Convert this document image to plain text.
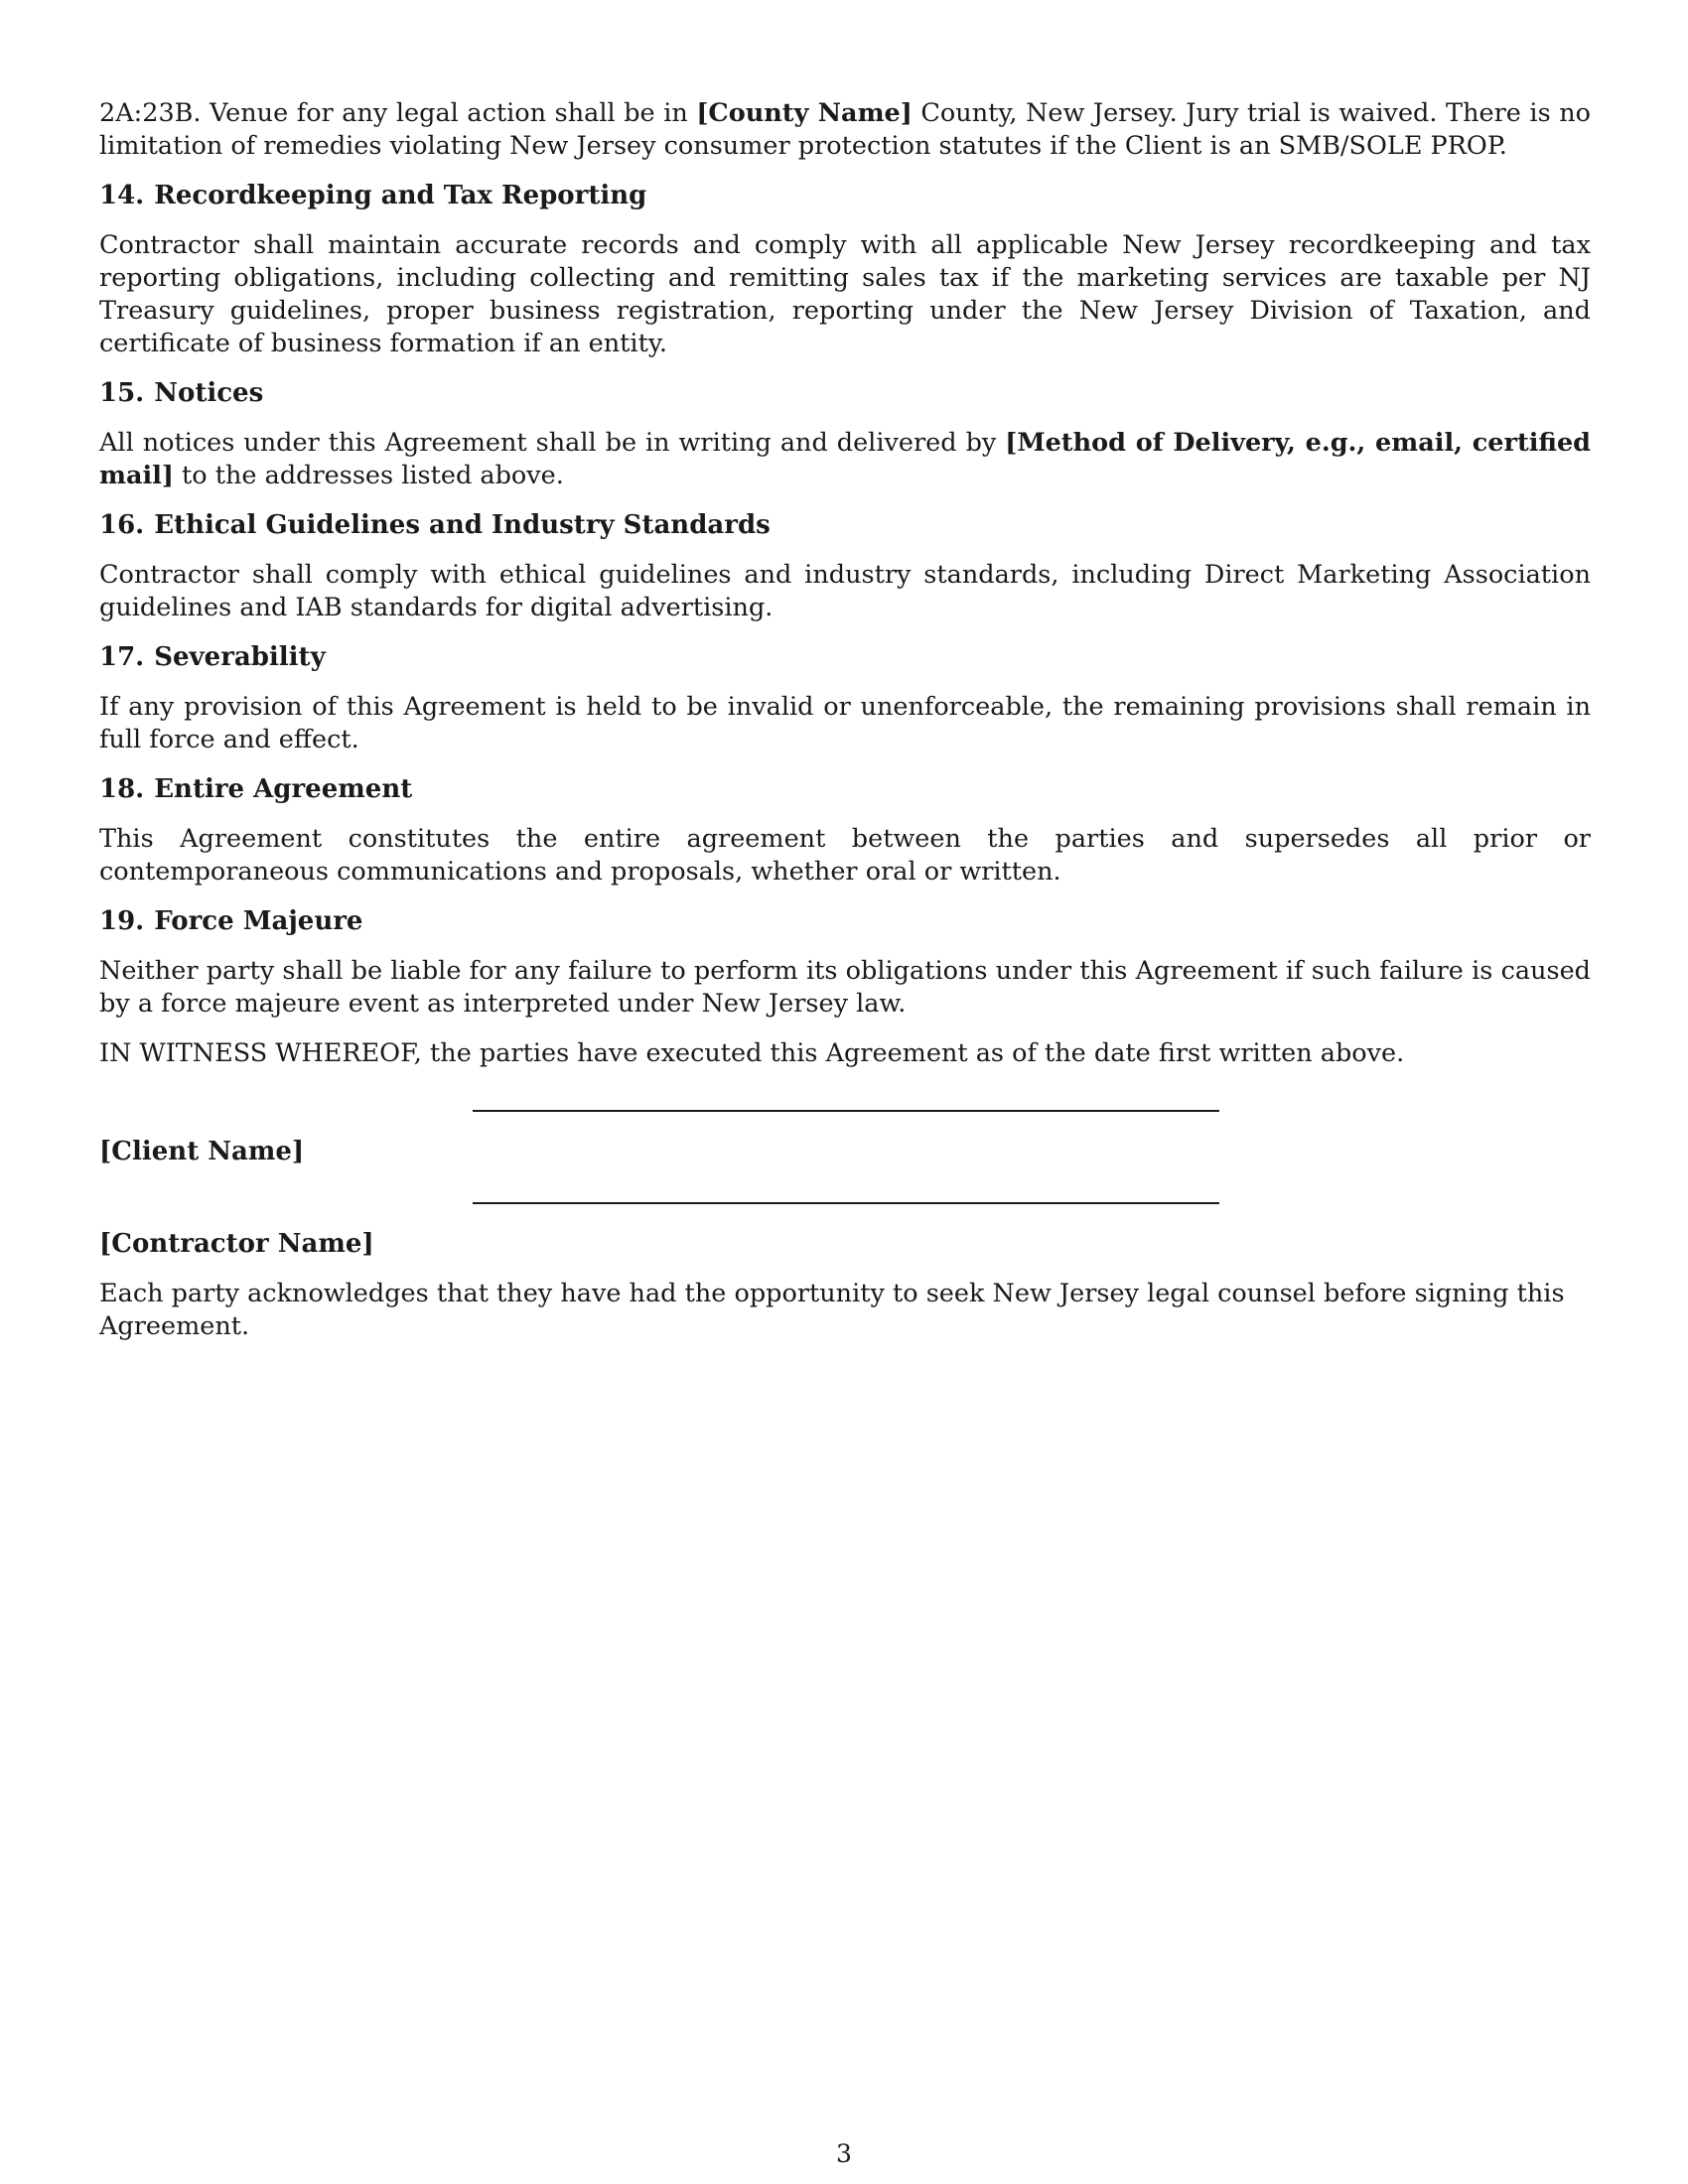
2A:23B. Venue for any legal action shall be in [County Name] County, New Jersey. Jury trial is waived. There is no limitation of remedies violating New Jersey consumer protection statutes if the Client is an SMB/SOLE PROP.

14. Recordkeeping and Tax Reporting

Contractor shall maintain accurate records and comply with all applicable New Jersey recordkeeping and tax reporting obligations, including collecting and remitting sales tax if the marketing services are taxable per NJ Treasury guidelines, proper business registration, reporting under the New Jersey Division of Taxation, and certificate of business formation if an entity.

15. Notices

All notices under this Agreement shall be in writing and delivered by [Method of Delivery, e.g., email, certified mail] to the addresses listed above.

16. Ethical Guidelines and Industry Standards

Contractor shall comply with ethical guidelines and industry standards, including Direct Marketing Association guidelines and IAB standards for digital advertising.

17. Severability

If any provision of this Agreement is held to be invalid or unenforceable, the remaining provisions shall remain in full force and effect.

18. Entire Agreement

This Agreement constitutes the entire agreement between the parties and supersedes all prior or contemporaneous communications and proposals, whether oral or written.

19. Force Majeure

Neither party shall be liable for any failure to perform its obligations under this Agreement if such failure is caused by a force majeure event as interpreted under New Jersey law.

IN WITNESS WHEREOF, the parties have executed this Agreement as of the date first written above.

[Client Name]
[Contractor Name]

Each party acknowledges that they have had the opportunity to seek New Jersey legal counsel before signing this Agreement.

3
